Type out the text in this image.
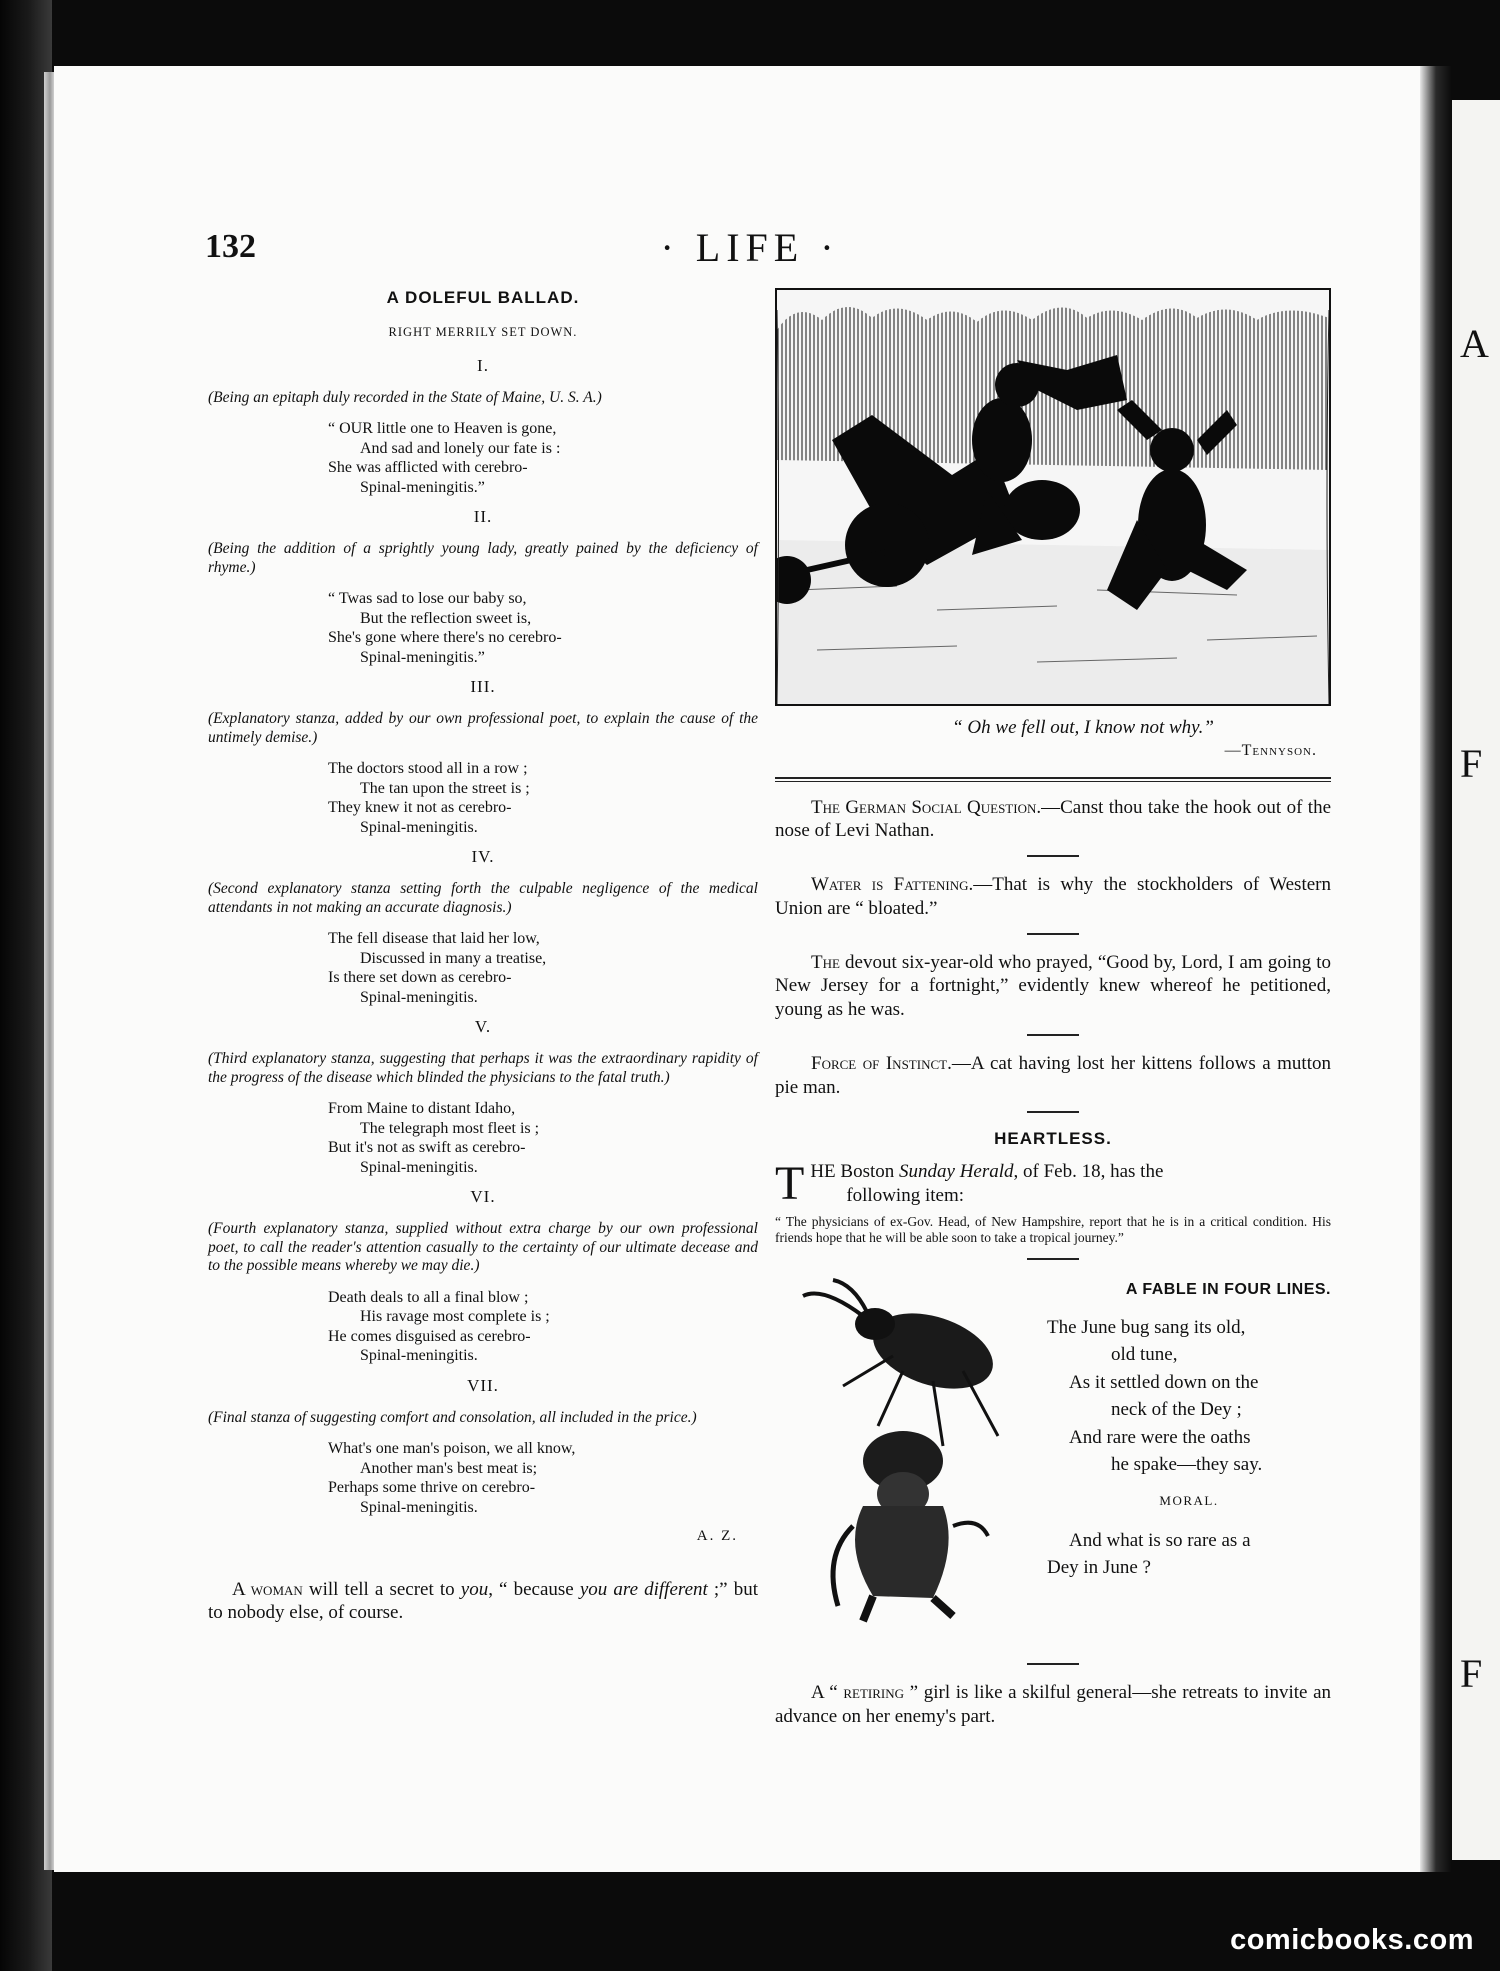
A
F
F
132	· LIFE ·
A DOLEFUL BALLAD.
RIGHT MERRILY SET DOWN.
I.
(Being an epitaph duly recorded in the State of Maine, U. S. A.)
“ OUR little one to Heaven is gone,
And sad and lonely our fate is :
She was afflicted with cerebro-
Spinal-meningitis.”
II.
(Being the addition of a sprightly young lady, greatly pained by the deficiency of rhyme.)
“ Twas sad to lose our baby so,
But the reflection sweet is,
She's gone where there's no cerebro-
Spinal-meningitis.”
III.
(Explanatory stanza, added by our own professional poet, to explain the cause of the untimely demise.)
The doctors stood all in a row ;
The tan upon the street is ;
They knew it not as cerebro-
Spinal-meningitis.
IV.
(Second explanatory stanza setting forth the culpable negligence of the medical attendants in not making an accurate diagnosis.)
The fell disease that laid her low,
Discussed in many a treatise,
Is there set down as cerebro-
Spinal-meningitis.
V.
(Third explanatory stanza, suggesting that perhaps it was the extraordinary rapidity of the progress of the disease which blinded the physicians to the fatal truth.)
From Maine to distant Idaho,
The telegraph most fleet is ;
But it's not as swift as cerebro-
Spinal-meningitis.
VI.
(Fourth explanatory stanza, supplied without extra charge by our own professional poet, to call the reader's attention casually to the certainty of our ultimate decease and to the possible means whereby we may die.)
Death deals to all a final blow ;
His ravage most complete is ;
He comes disguised as cerebro-
Spinal-meningitis.
VII.
(Final stanza of suggesting comfort and consolation, all included in the price.)
What's one man's poison, we all know,
Another man's best meat is;
Perhaps some thrive on cerebro-
Spinal-meningitis.
A. Z.

A woman will tell a secret to you, “ because you are different ;” but to nobody else, of course.

“ Oh we fell out, I know not why.”
—Tennyson.

The German Social Question.—Canst thou take the hook out of the nose of Levi Nathan.

Water is Fattening.—That is why the stockholders of Western Union are “ bloated.”

The devout six-year-old who prayed, “Good by, Lord, I am going to New Jersey for a fortnight,” evidently knew whereof he petitioned, young as he was.

Force of Instinct.—A cat having lost her kittens follows a mutton pie man.

HEARTLESS.
THE Boston Sunday Herald, of Feb. 18, has the
following item:
“ The physicians of ex-Gov. Head, of New Hampshire, report that he is in a critical condition. His friends hope that he will be able soon to take a tropical journey.”
A FABLE IN FOUR LINES.
The June bug sang its old,
old tune,
As it settled down on the
neck of the Dey ;
And rare were the oaths
he spake—they say.
MORAL.
And what is so rare as a
Dey in June ?

A “ retiring ” girl is like a skilful general—she retreats to invite an advance on her enemy's part.

comicbooks.com
